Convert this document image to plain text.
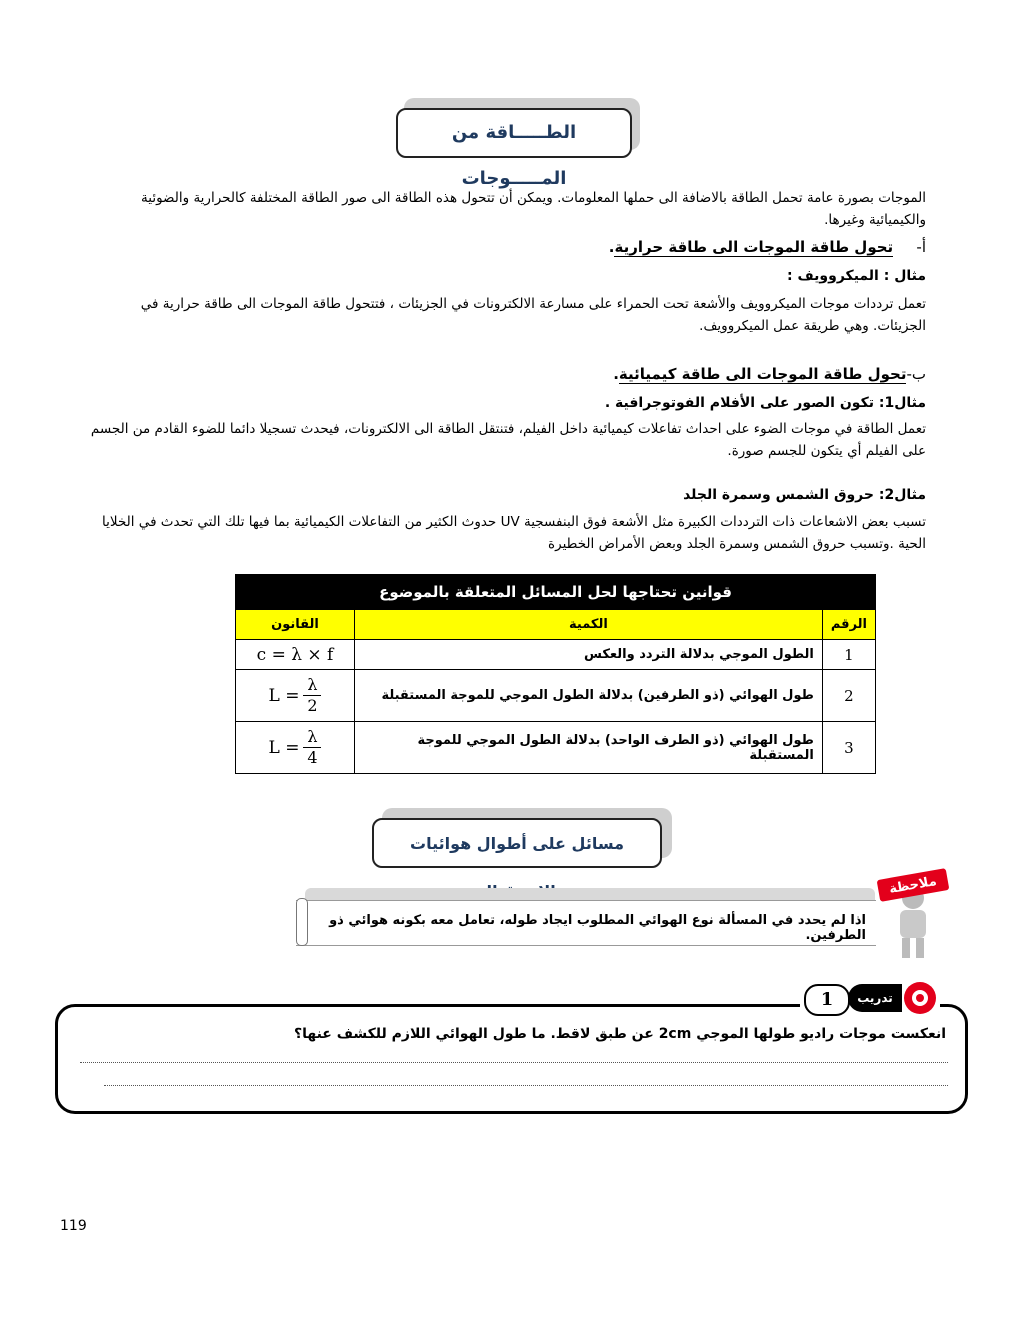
الطـــــاقة من المـــــوجات
الموجات بصورة عامة تحمل الطاقة بالاضافة الى حملها المعلومات. ويمكن أن تتحول هذه الطاقة الى صور الطاقة المختلفة كالحرارية والضوئية
والكيميائية وغيرها.
أ- تحول طاقة الموجات الى طاقة حرارية.
مثال : الميكروويف :
تعمل ترددات موجات الميكروويف والأشعة تحت الحمراء على مسارعة الالكترونات في الجزيئات ، فتتحول طاقة الموجات الى طاقة حرارية في
الجزيئات. وهي طريقة عمل الميكروويف.
ب-تحول طاقة الموجات الى طاقة كيميائية.
مثال1: تكون الصور على الأفلام الفوتوجرافية .
تعمل الطاقة في موجات الضوء على احداث تفاعلات كيميائية داخل الفيلم، فتنتقل الطاقة الى الالكترونات، فيحدث تسجيلا دائما للضوء القادم من الجسم
على الفيلم أي يتكون للجسم صورة.
مثال2: حروق الشمس وسمرة الجلد
تسبب بعض الاشعاعات ذات الترددات الكبيرة مثل الأشعة فوق البنفسجية UV حدوث الكثير من التفاعلات الكيميائية بما فيها تلك التي تحدث في الخلايا
الحية .وتسبب حروق الشمس وسمرة الجلد وبعض الأمراض الخطيرة
قوانين تحتاجها لحل المسائل المتعلقة بالموضوع		
الرقم	الكمية	القانون
1	الطول الموجي بدلالة التردد والعكس	c = λ × f
2	طول الهوائي (ذو الطرفين) بدلالة الطول الموجي للموجة المستقبلة	$L = \frac{\lambda}{2}$

3	طول الهوائي (ذو الطرف الواحد) بدلالة الطول الموجي للموجة المستقبلة	$L = \frac{\lambda}{4}$
مسائل على أطوال هوائيات
اذا لم يحدد في المسألة نوع الهوائي المطلوب ايجاد طوله، تعامل معه بكونه هوائي ذو الطرفين.
ملاحظة
1	تدريب
انعكست موجات راديو طولها الموجي 2cm عن طبق لاقط. ما طول الهوائي اللازم للكشف عنها؟
119
